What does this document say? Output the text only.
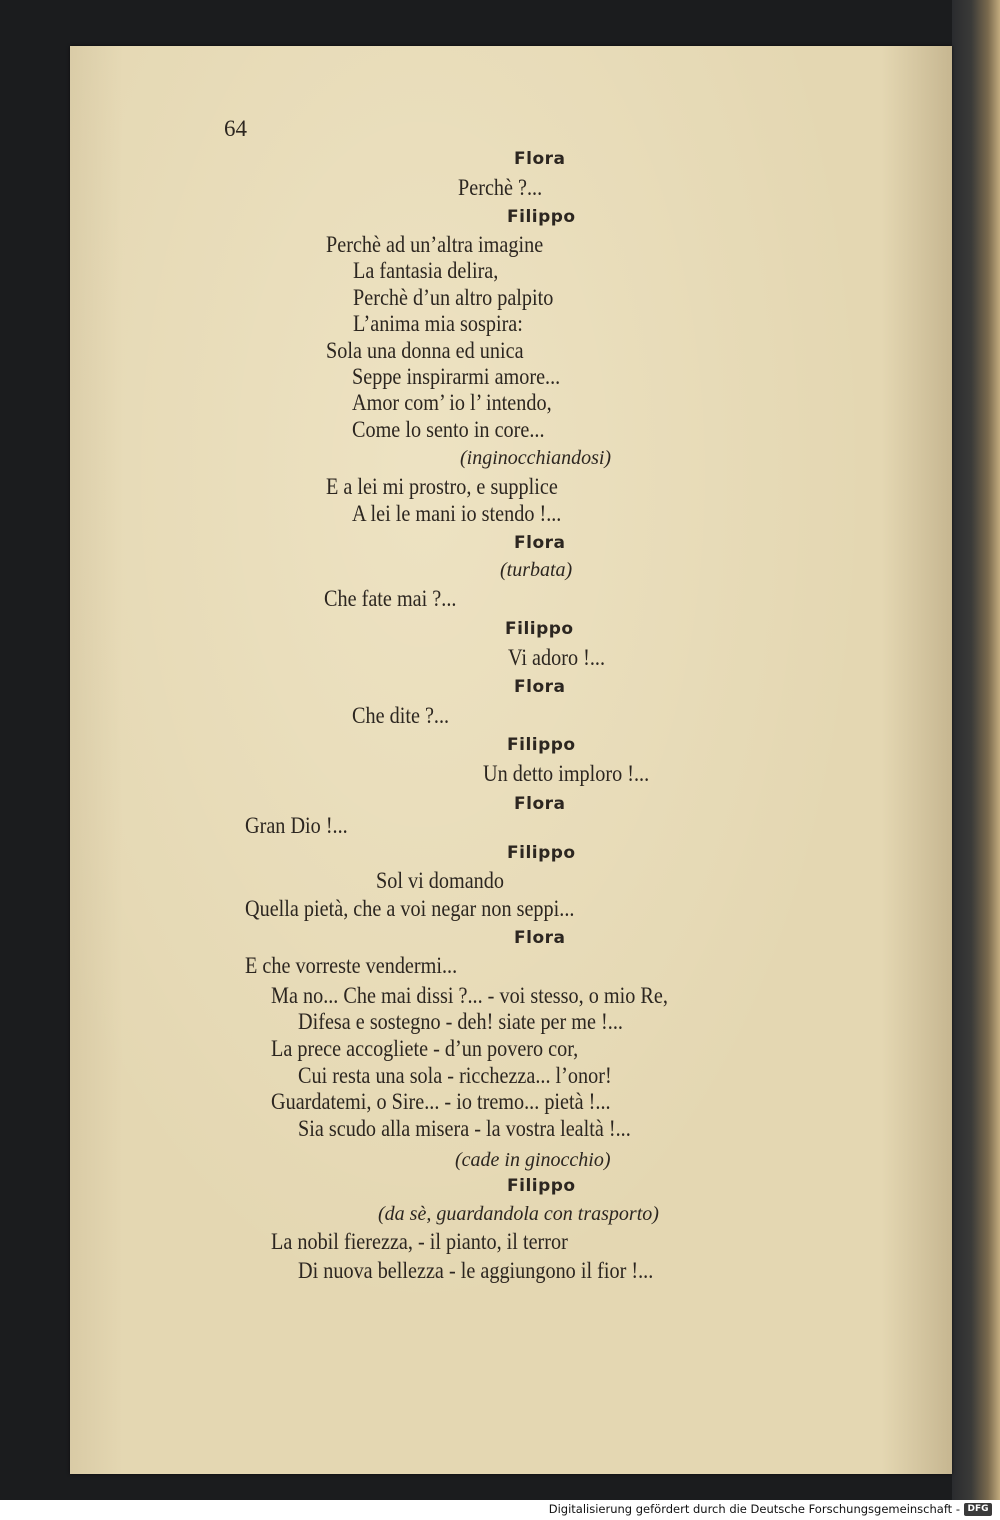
64
Flora
Perchè ?...
Filippo
Perchè ad un’altra imagine
La fantasia delira,
Perchè d’un altro palpito
L’anima mia sospira:
Sola una donna ed unica
Seppe inspirarmi amore...
Amor com’ io l’ intendo,
Come lo sento in core...
(inginocchiandosi)
E a lei mi prostro, e supplice
A lei le mani io stendo !...
Flora
(turbata)
Che fate mai ?...
Filippo
Vi adoro !...
Flora
Che dite ?...
Filippo
Un detto imploro !...
Flora
Gran Dio !...
Filippo
Sol vi domando
Quella pietà, che a voi negar non seppi...
Flora
E che vorreste vendermi...
Ma no... Che mai dissi ?... - voi stesso, o mio Re,
Difesa e sostegno - deh! siate per me !...
La prece accogliete - d’un povero cor,
Cui resta una sola - ricchezza... l’onor!
Guardatemi, o Sire... - io tremo... pietà !...
Sia scudo alla misera - la vostra lealtà !...
(cade in ginocchio)
Filippo
(da sè, guardandola con trasporto)
La nobil fierezza, - il pianto, il terror
Di nuova bellezza - le aggiungono il fior !...
Digitalisierung gefördert durch die Deutsche Forschungsgemeinschaft - DFG
